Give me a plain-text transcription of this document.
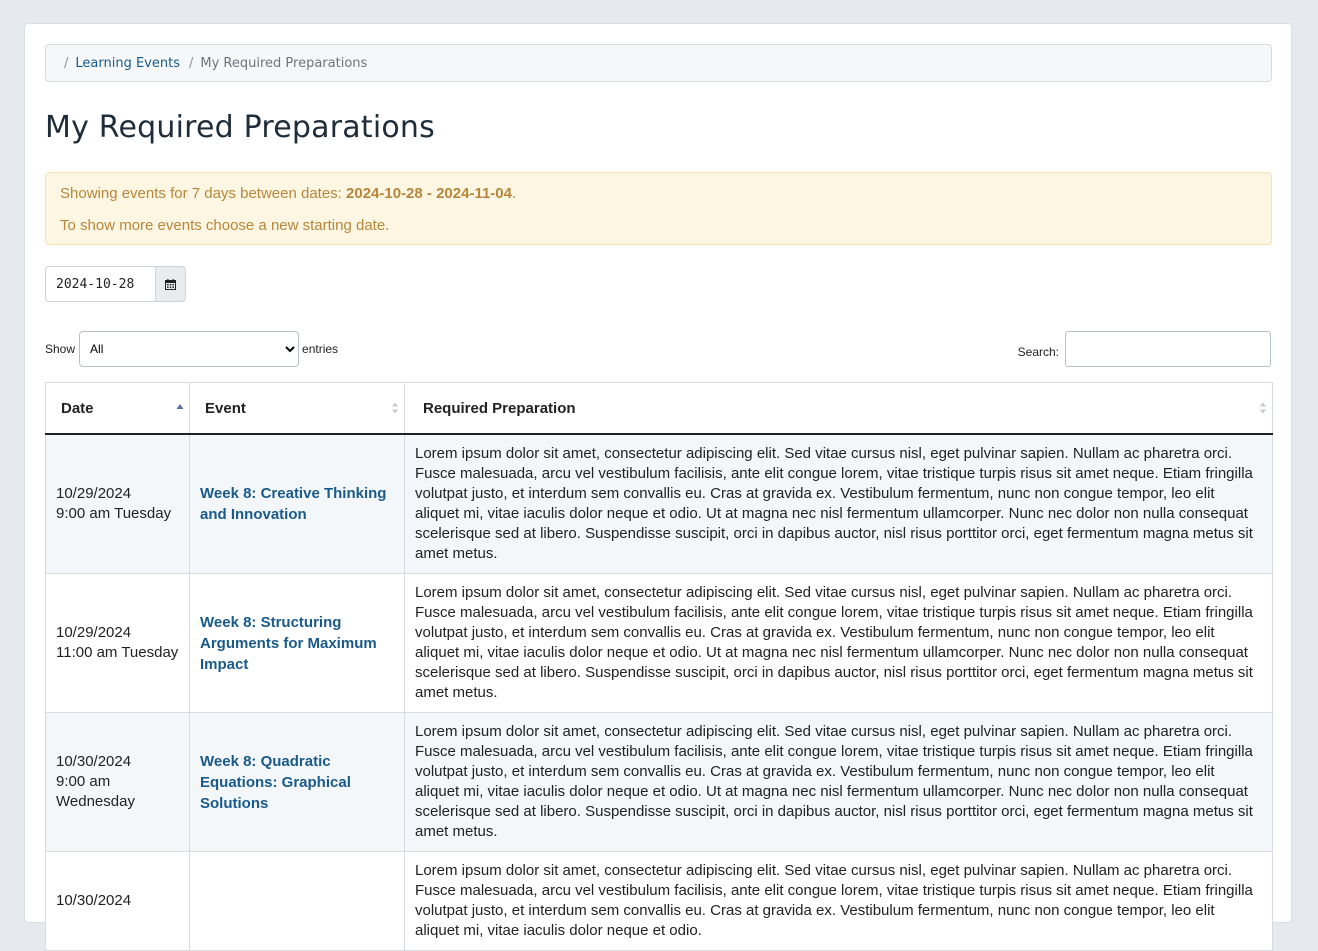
/ Learning Events / My Required Preparations
My Required Preparations

Showing events for 7 days between dates: 2024-10-28 - 2024-11-04.

To show more events choose a new starting date.

2024-10-28
Show
All	entries	Search:
Date	Event	Required Preparation

10/29/2024
9:00 am Tuesday	Week 8: Creative Thinking and Innovation	Lorem ipsum dolor sit amet, consectetur adipiscing elit. Sed vitae cursus nisl, eget pulvinar sapien. Nullam ac pharetra orci. Fusce malesuada, arcu vel vestibulum facilisis, ante elit congue lorem, vitae tristique turpis risus sit amet neque. Etiam fringilla volutpat justo, et interdum sem convallis eu. Cras at gravida ex. Vestibulum fermentum, nunc non congue tempor, leo elit aliquet mi, vitae iaculis dolor neque et odio. Ut at magna nec nisl fermentum ullamcorper. Nunc nec dolor non nulla consequat scelerisque sed at libero. Suspendisse suscipit, orci in dapibus auctor, nisl risus porttitor orci, eget fermentum magna metus sit amet metus.

10/29/2024
11:00 am Tuesday	Week 8: Structuring Arguments for Maximum Impact	Lorem ipsum dolor sit amet, consectetur adipiscing elit. Sed vitae cursus nisl, eget pulvinar sapien. Nullam ac pharetra orci. Fusce malesuada, arcu vel vestibulum facilisis, ante elit congue lorem, vitae tristique turpis risus sit amet neque. Etiam fringilla volutpat justo, et interdum sem convallis eu. Cras at gravida ex. Vestibulum fermentum, nunc non congue tempor, leo elit aliquet mi, vitae iaculis dolor neque et odio. Ut at magna nec nisl fermentum ullamcorper. Nunc nec dolor non nulla consequat scelerisque sed at libero. Suspendisse suscipit, orci in dapibus auctor, nisl risus porttitor orci, eget fermentum magna metus sit amet metus.

10/30/2024
9:00 am Wednesday	Week 8: Quadratic Equations: Graphical Solutions	Lorem ipsum dolor sit amet, consectetur adipiscing elit. Sed vitae cursus nisl, eget pulvinar sapien. Nullam ac pharetra orci. Fusce malesuada, arcu vel vestibulum facilisis, ante elit congue lorem, vitae tristique turpis risus sit amet neque. Etiam fringilla volutpat justo, et interdum sem convallis eu. Cras at gravida ex. Vestibulum fermentum, nunc non congue tempor, leo elit aliquet mi, vitae iaculis dolor neque et odio. Ut at magna nec nisl fermentum ullamcorper. Nunc nec dolor non nulla consequat scelerisque sed at libero. Suspendisse suscipit, orci in dapibus auctor, nisl risus porttitor orci, eget fermentum magna metus sit amet metus.

10/30/2024		Lorem ipsum dolor sit amet, consectetur adipiscing elit. Sed vitae cursus nisl, eget pulvinar sapien. Nullam ac pharetra orci. Fusce malesuada, arcu vel vestibulum facilisis, ante elit congue lorem, vitae tristique turpis risus sit amet neque. Etiam fringilla volutpat justo, et interdum sem convallis eu. Cras at gravida ex. Vestibulum fermentum, nunc non congue tempor, leo elit aliquet mi, vitae iaculis dolor neque et odio.
